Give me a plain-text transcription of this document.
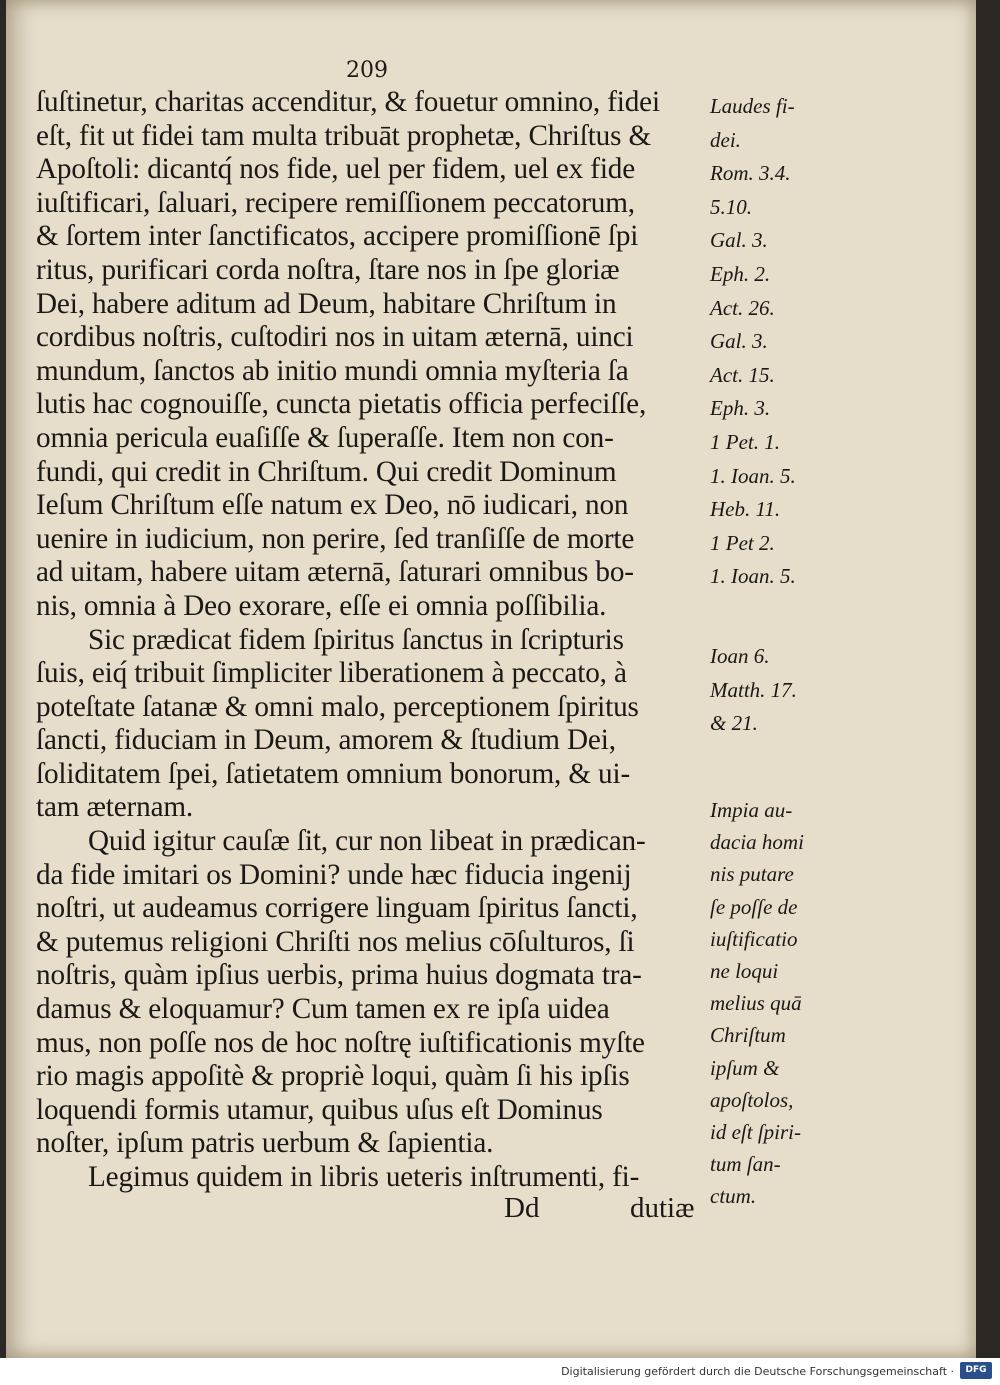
209
ſuſtinetur, charitas accenditur, & fouetur omnino, fidei
eſt, fit ut fidei tam multa tribuāt prophetæ, Chriſtus &
Apoſtoli: dicantq́ nos fide, uel per fidem, uel ex fide
iuſtificari, ſaluari, recipere remiſſionem peccatorum,
& ſortem inter ſanctificatos, accipere promiſſionē ſpi
ritus, purificari corda noſtra, ſtare nos in ſpe gloriæ
Dei, habere aditum ad Deum, habitare Chriſtum in
cordibus noſtris, cuſtodiri nos in uitam æternā, uinci
mundum, ſanctos ab initio mundi omnia myſteria ſa
lutis hac cognouiſſe, cuncta pietatis officia perfeciſſe,
omnia pericula euaſiſſe & ſuperaſſe. Item non con‐
fundi, qui credit in Chriſtum. Qui credit Dominum
Ieſum Chriſtum eſſe natum ex Deo, nō iudicari, non
uenire in iudicium, non perire, ſed tranſiſſe de morte
ad uitam, habere uitam æternā, ſaturari omnibus bo‐
nis, omnia à Deo exorare, eſſe ei omnia poſſibilia.
Sic prædicat fidem ſpiritus ſanctus in ſcripturis
ſuis, eiq́ tribuit ſimpliciter liberationem à peccato, à
poteſtate ſatanæ & omni malo, perceptionem ſpiritus
ſancti, fiduciam in Deum, amorem & ſtudium Dei,
ſoliditatem ſpei, ſatietatem omnium bonorum, & ui‐
tam æternam.
Quid igitur cauſæ ſit, cur non libeat in prædican‐
da fide imitari os Domini? unde hæc fiducia ingenij
noſtri, ut audeamus corrigere linguam ſpiritus ſancti,
& putemus religioni Chriſti nos melius cōſulturos, ſi
noſtris, quàm ipſius uerbis, prima huius dogmata tra‐
damus & eloquamur? Cum tamen ex re ipſa uidea
mus, non poſſe nos de hoc noſtrę iuſtificationis myſte
rio magis appoſitè & propriè loqui, quàm ſi his ipſis
loquendi formis utamur, quibus uſus eſt Dominus
noſter, ipſum patris uerbum & ſapientia.
Legimus quidem in libris ueteris inſtrumenti, fi‐
Laudes fi‐
dei.
Rom. 3.4.
5.10.
Gal. 3.
Eph. 2.
Act. 26.
Gal. 3.
Act. 15.
Eph. 3.
1 Pet. 1.
1. Ioan. 5.
Heb. 11.
1 Pet 2.
1. Ioan. 5.
Ioan 6.
Matth. 17.
& 21.
Impia au‐
dacia homi
nis putare
ſe poſſe de
iuſtificatio
ne loqui
melius quā
Chriſtum
ipſum &
apoſtolos,
id eſt ſpiri‐
tum ſan‐
ctum.
Dd	dutiæ
Digitalisierung gefördert durch die Deutsche Forschungsgemeinschaft ·	DFG
